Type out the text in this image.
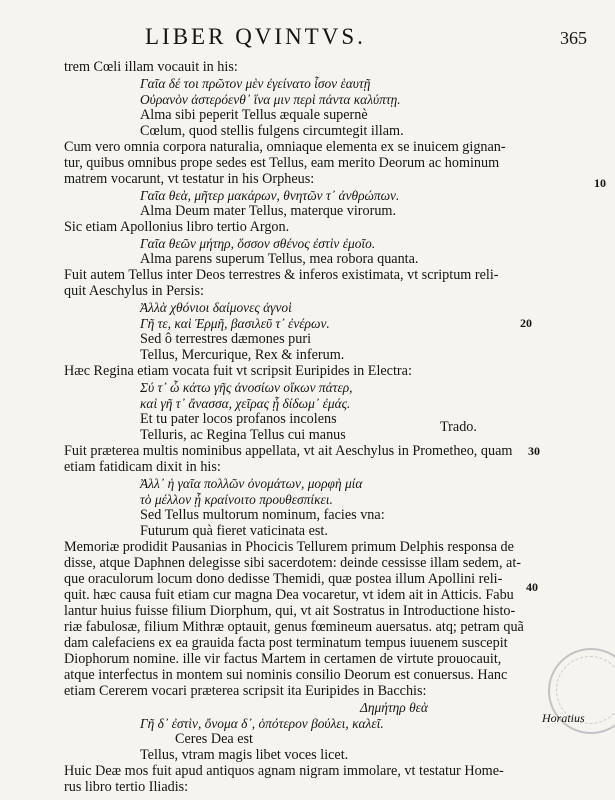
LIBER QVINTVS.	365
trem Cœli illam vocauit in his:
Γαῖα δέ τοι πρῶτον μὲν ἐγείνατο ἶσον ἑαυτῇ
Οὐρανὸν ἀστερόενθ᾽ ἵνα μιν περὶ πάντα καλύπτῃ.
Alma sibi peperit Tellus æquale supernè
Cœlum, quod stellis fulgens circumtegit illam.
Cum vero omnia corpora naturalia, omniaque elementa ex se inuicem gignan-
tur, quibus omnibus prope sedes est Tellus, eam merito Deorum ac hominum
matrem vocarunt, vt testatur in his Orpheus:
Γαῖα θεὰ, μῆτερ μακάρων, θνητῶν τ᾽ ἀνθρώπων.
Alma Deum mater Tellus, materque virorum.
Sic etiam Apollonius libro tertio Argon.
Γαῖα θεῶν μήτηρ, ὅσσον σθένος ἐστὶν ἐμοῖο.
Alma parens superum Tellus, mea robora quanta.
Fuit autem Tellus inter Deos terrestres & inferos existimata, vt scriptum reli-
quit Aeschylus in Persis:
Ἀλλὰ χθόνιοι δαίμονες ἁγνοὶ
Γῆ τε, καὶ Ἑρμῆ, βασιλεῦ τ᾽ ἐνέρων.
Sed ô terrestres dæmones puri
Tellus, Mercurique, Rex & inferum.
Hæc Regina etiam vocata fuit vt scripsit Euripides in Electra:
Σύ τ᾽ ὦ κάτω γῆς ἀνοσίων οἴκων πάτερ,
καὶ γῆ τ᾽ ἄνασσα, χεῖρας ᾗ δίδωμ᾽ ἐμάς.
Et tu pater locos profanos incolens
Telluris, ac Regina Tellus cui manus	Trado.
Fuit præterea multis nominibus appellata, vt ait Aeschylus in Prometheo, quam
etiam fatidicam dixit in his:
Ἀλλ᾽ ἡ γαῖα πολλῶν ὀνομάτων, μορφὴ μία
τὸ μέλλον ᾗ κραίνοιτο προυθεσπίκει.
Sed Tellus multorum nominum, facies vna:
Futurum quà fieret vaticinata est.
Memoriæ prodidit Pausanias in Phocicis Tellurem primum Delphis responsa de
disse, atque Daphnen delegisse sibi sacerdotem: deinde cessisse illam sedem, at-
que oraculorum locum dono dedisse Themidi, quæ postea illum Apollini reli-
quit. hæc causa fuit etiam cur magna Dea vocaretur, vt idem ait in Atticis. Fabu
lantur huius fuisse filium Diorphum, qui, vt ait Sostratus in Introductione histo-
riæ fabulosæ, filium Mithræ optauit, genus fœmineum auersatus. atq; petram quã
dam calefaciens ex ea grauida facta post terminatum tempus iuuenem suscepit
Diophorum nomine. ille vir factus Martem in certamen de virtute prouocauit,
atque interfectus in montem sui nominis consilio Deorum est conuersus. Hanc
etiam Cererem vocari præterea scripsit ita Euripides in Bacchis:
Δημήτηρ θεὰ
Γῆ δ᾽ ἐστὶν, ὄνομα δ᾽, ὁπότερον βούλει, καλεῖ.
Ceres Dea est
Tellus, vtram magis libet voces licet.
Huic Deæ mos fuit apud antiquos agnam nigram immolare, vt testatur Home-
rus libro tertio Iliadis:
10
20
30
40
Horatius
